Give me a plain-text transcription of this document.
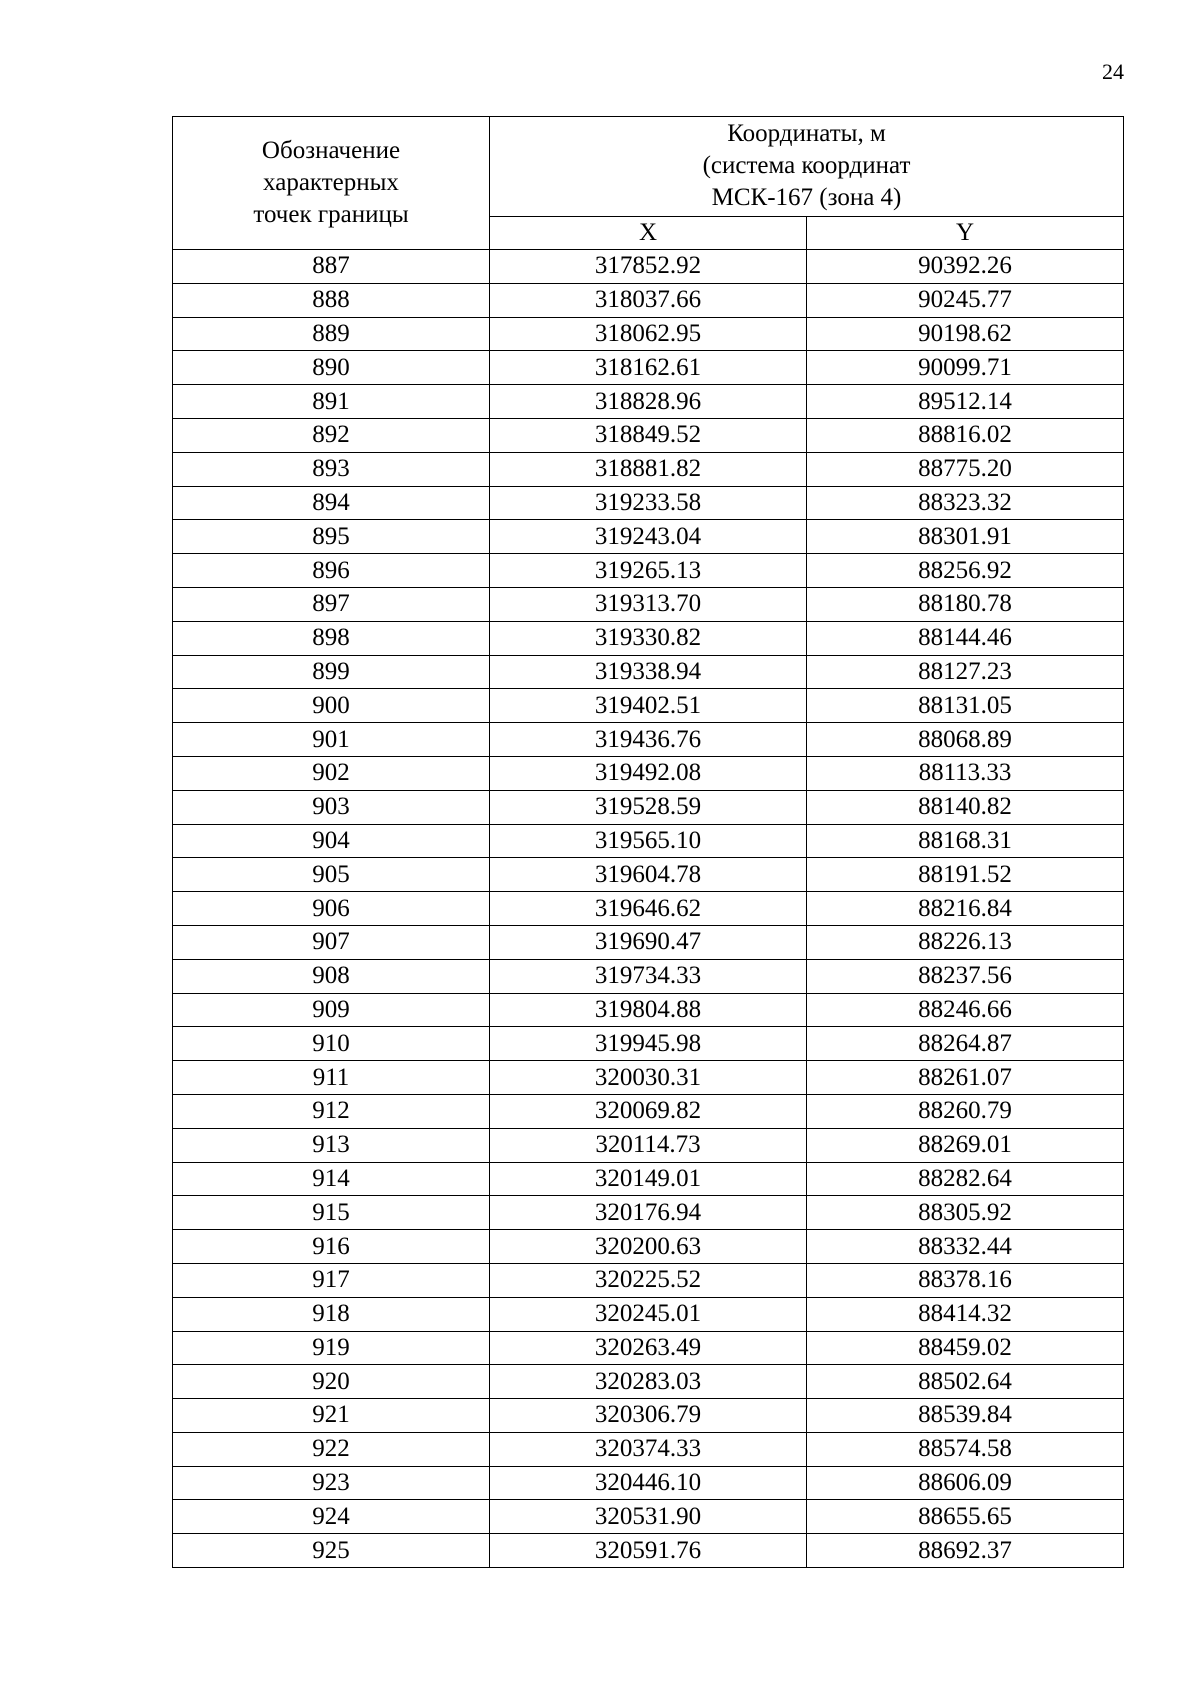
24
Обозначение
характерных
точек границы	Координаты, м
(система координат
МСК-167 (зона 4)	

	X	Y
887	317852.92	90392.26
888	318037.66	90245.77
889	318062.95	90198.62
890	318162.61	90099.71
891	318828.96	89512.14
892	318849.52	88816.02
893	318881.82	88775.20
894	319233.58	88323.32
895	319243.04	88301.91
896	319265.13	88256.92
897	319313.70	88180.78
898	319330.82	88144.46
899	319338.94	88127.23
900	319402.51	88131.05
901	319436.76	88068.89
902	319492.08	88113.33
903	319528.59	88140.82
904	319565.10	88168.31
905	319604.78	88191.52
906	319646.62	88216.84
907	319690.47	88226.13
908	319734.33	88237.56
909	319804.88	88246.66
910	319945.98	88264.87
911	320030.31	88261.07
912	320069.82	88260.79
913	320114.73	88269.01
914	320149.01	88282.64
915	320176.94	88305.92
916	320200.63	88332.44
917	320225.52	88378.16
918	320245.01	88414.32
919	320263.49	88459.02
920	320283.03	88502.64
921	320306.79	88539.84
922	320374.33	88574.58
923	320446.10	88606.09
924	320531.90	88655.65
925	320591.76	88692.37
